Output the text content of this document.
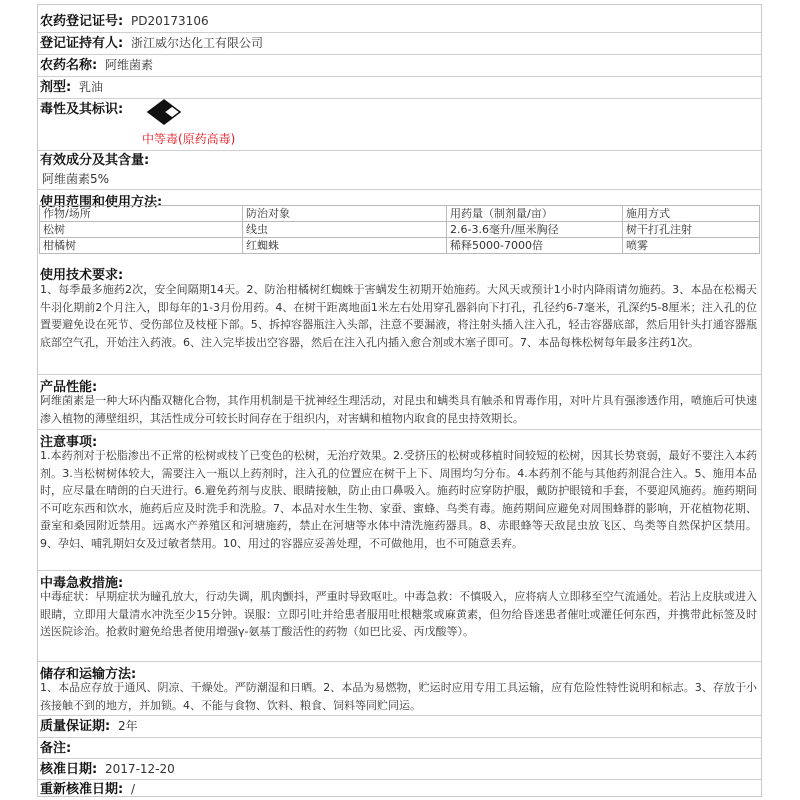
农药登记证号: PD20173106
登记证持有人: 浙江威尔达化工有限公司
农药名称: 阿维菌素
剂型: 乳油
毒性及其标识:
中等毒(原药高毒)
有效成分及其含量:
阿维菌素5%
使用范围和使用方法:
作物/场所	防治对象	用药量（制剂量/亩）	施用方式
松树	线虫	2.6-3.6毫升/厘米胸径	树干打孔注射
柑橘树	红蜘蛛	稀释5000-7000倍	喷雾
使用技术要求:
1、每季最多施药2次，安全间隔期14天。2、防治柑橘树红蜘蛛于害螨发生初期开始施药。大风天或预计1小时内降雨请勿施药。3、本品在松褐天牛羽化期前2个月注入，即每年的1-3月份用药。4、在树干距离地面1米左右处用穿孔器斜向下打孔，孔径约6-7毫米，孔深约5-8厘米；注入孔的位置要避免设在死节、受伤部位及枝桠下部。5、拆掉容器瓶注入头部，注意不要漏液，将注射头插入注入孔，轻击容器底部，然后用针头打通容器瓶底部空气孔，开始注入药液。6、注入完毕拔出空容器，然后在注入孔内插入愈合剂或木塞子即可。7、本品每株松树每年最多注药1次。
产品性能:
阿维菌素是一种大环内酯双糖化合物，其作用机制是干扰神经生理活动，对昆虫和螨类具有触杀和胃毒作用，对叶片具有强渗透作用，喷施后可快速渗入植物的薄壁组织，其活性成分可较长时间存在于组织内，对害螨和植物内取食的昆虫持效期长。
注意事项:
1.本药剂对于松脂渗出不正常的松树或枝丫已变色的松树，无治疗效果。2.受挤压的松树或移植时间较短的松树，因其长势衰弱，最好不要注入本药剂。3.当松树树体较大，需要注入一瓶以上药剂时，注入孔的位置应在树干上下、周围均匀分布。4.本药剂不能与其他药剂混合注入。5、施用本品时，应尽量在晴朗的白天进行。6.避免药剂与皮肤、眼睛接触，防止由口鼻吸入。施药时应穿防护服，戴防护眼镜和手套，不要迎风施药。施药期间不可吃东西和饮水，施药后应及时洗手和洗脸。7、本品对水生生物、家蚕、蜜蜂、鸟类有毒。施药期间应避免对周围蜂群的影响，开花植物花期、蚕室和桑园附近禁用。远离水产养殖区和河塘施药，禁止在河塘等水体中清洗施药器具。8、赤眼蜂等天敌昆虫放飞区、鸟类等自然保护区禁用。9、孕妇、哺乳期妇女及过敏者禁用。10、用过的容器应妥善处理，不可做他用，也不可随意丢弃。
中毒急救措施:
中毒症状：早期症状为瞳孔放大，行动失调，肌肉颤抖，严重时导致呕吐。中毒急救：不慎吸入，应将病人立即移至空气流通处。若沾上皮肤或进入眼睛，立即用大量清水冲洗至少15分钟。误服：立即引吐并给患者服用吐根糖浆或麻黄素，但勿给昏迷患者催吐或灌任何东西，并携带此标签及时送医院诊治。抢救时避免给患者使用增强γ-氨基丁酸活性的药物（如巴比妥、丙戊酸等）。
储存和运输方法:
1、本品应存放于通风、阴凉、干燥处。严防潮湿和日晒。2、本品为易燃物，贮运时应用专用工具运输，应有危险性特性说明和标志。3、存放于小孩接触不到的地方，并加锁。4、不能与食物、饮料、粮食、饲料等同贮同运。
质量保证期: 2年
备注:
核准日期: 2017-12-20
重新核准日期: /
